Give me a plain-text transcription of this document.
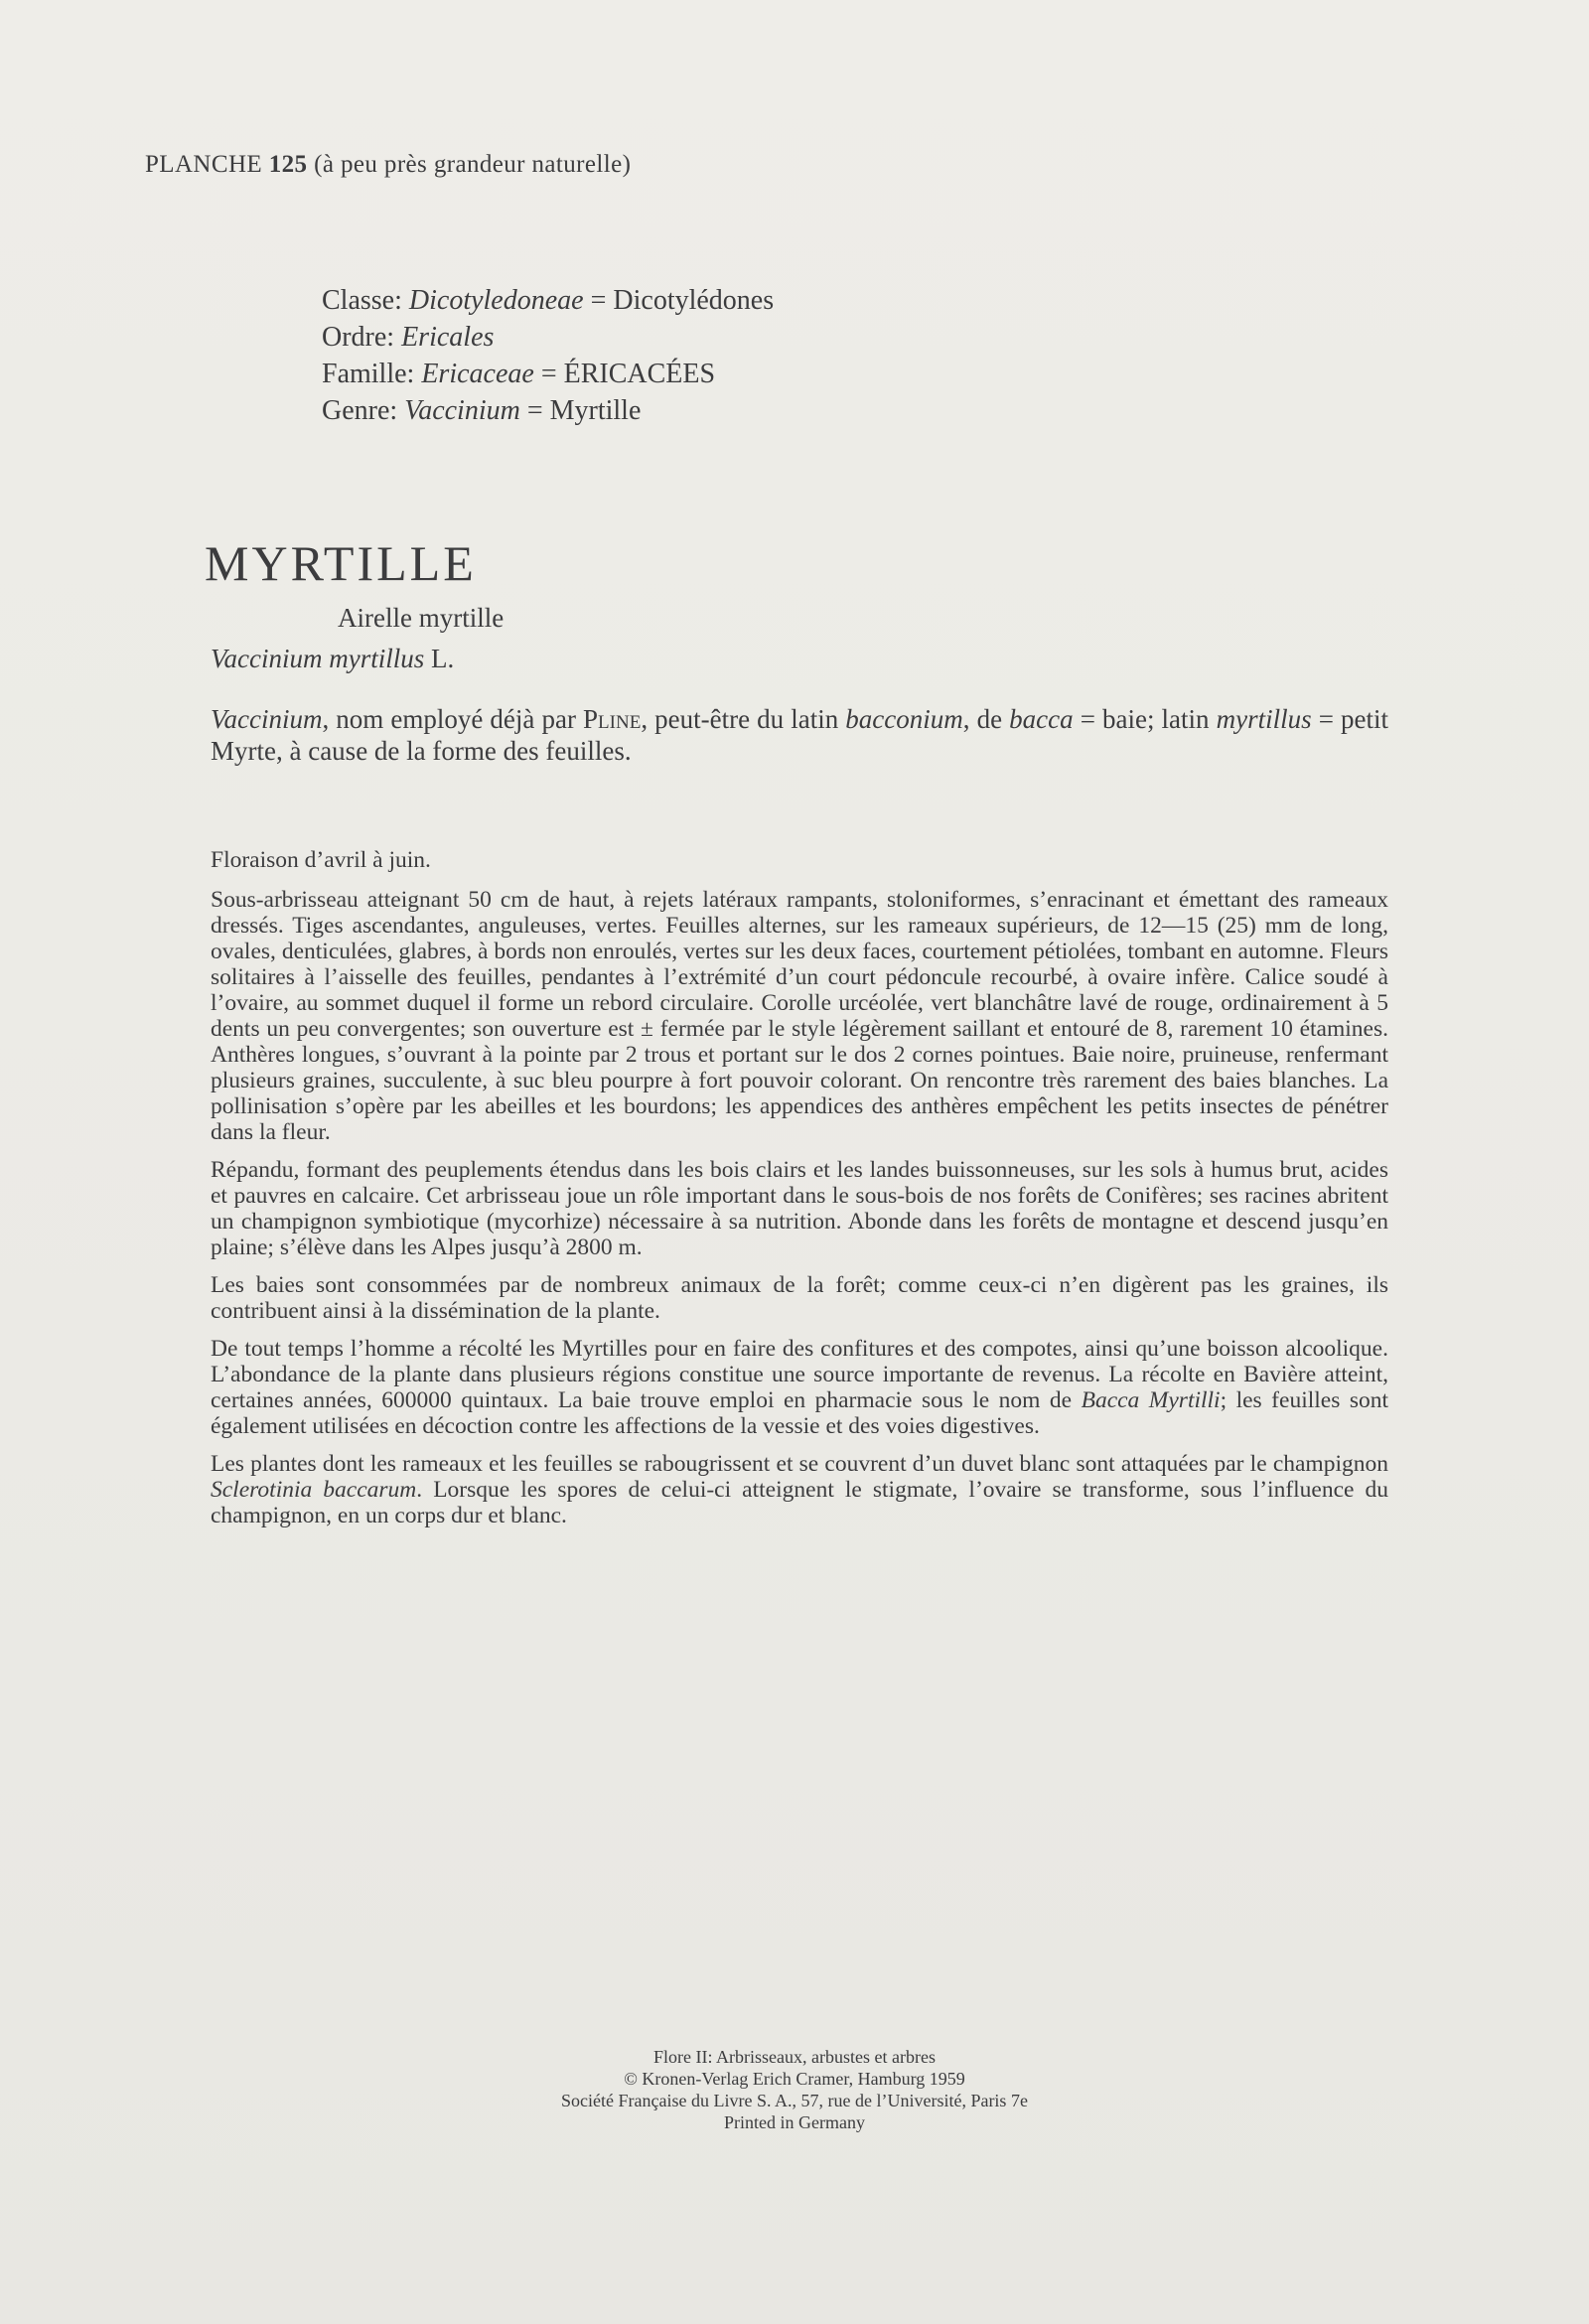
PLANCHE 125 (à peu près grandeur naturelle)
Classe: Dicotyledoneae = Dicotylédones
Ordre: Ericales
Famille: Ericaceae = ÉRICACÉES
Genre: Vaccinium = Myrtille
MYRTILLE
Airelle myrtille
Vaccinium myrtillus L.
Vaccinium, nom employé déjà par Pline, peut-être du latin bacconium, de bacca = baie; latin myrtillus = petit Myrte, à cause de la forme des feuilles.

Floraison d’avril à juin.

Sous-arbrisseau atteignant 50 cm de haut, à rejets latéraux rampants, stoloniformes, s’enracinant et émettant des rameaux dressés. Tiges ascendantes, anguleuses, vertes. Feuilles alternes, sur les rameaux supérieurs, de 12—15 (25) mm de long, ovales, denticulées, glabres, à bords non enroulés, vertes sur les deux faces, courtement pétiolées, tombant en automne. Fleurs solitaires à l’aisselle des feuilles, pendantes à l’extrémité d’un court pédoncule recourbé, à ovaire infère. Calice soudé à l’ovaire, au sommet duquel il forme un rebord circulaire. Corolle urcéolée, vert blanchâtre lavé de rouge, ordinairement à 5 dents un peu convergentes; son ouverture est ± fermée par le style légèrement saillant et entouré de 8, rarement 10 étamines. Anthères longues, s’ouvrant à la pointe par 2 trous et portant sur le dos 2 cornes pointues. Baie noire, pruineuse, renfermant plusieurs graines, succulente, à suc bleu pourpre à fort pouvoir colorant. On rencontre très rarement des baies blanches. La pollinisation s’opère par les abeilles et les bourdons; les appendices des anthères empêchent les petits insectes de pénétrer dans la fleur.

Répandu, formant des peuplements étendus dans les bois clairs et les landes buissonneuses, sur les sols à humus brut, acides et pauvres en calcaire. Cet arbrisseau joue un rôle important dans le sous-bois de nos forêts de Conifères; ses racines abritent un champignon symbiotique (mycorhize) nécessaire à sa nutrition. Abonde dans les forêts de montagne et descend jusqu’en plaine; s’élève dans les Alpes jusqu’à 2800 m.

Les baies sont consommées par de nombreux animaux de la forêt; comme ceux-ci n’en digèrent pas les graines, ils contribuent ainsi à la dissémination de la plante.

De tout temps l’homme a récolté les Myrtilles pour en faire des confitures et des compotes, ainsi qu’une boisson alcoolique. L’abondance de la plante dans plusieurs régions constitue une source importante de revenus. La récolte en Bavière atteint, certaines années, 600000 quintaux. La baie trouve emploi en pharmacie sous le nom de Bacca Myrtilli; les feuilles sont également utilisées en décoction contre les affections de la vessie et des voies digestives.

Les plantes dont les rameaux et les feuilles se rabougrissent et se couvrent d’un duvet blanc sont attaquées par le champignon Sclerotinia baccarum. Lorsque les spores de celui-ci atteignent le stigmate, l’ovaire se transforme, sous l’influence du champignon, en un corps dur et blanc.

Flore II: Arbrisseaux, arbustes et arbres
© Kronen-Verlag Erich Cramer, Hamburg 1959
Société Française du Livre S. A., 57, rue de l’Université, Paris 7e
Printed in Germany
